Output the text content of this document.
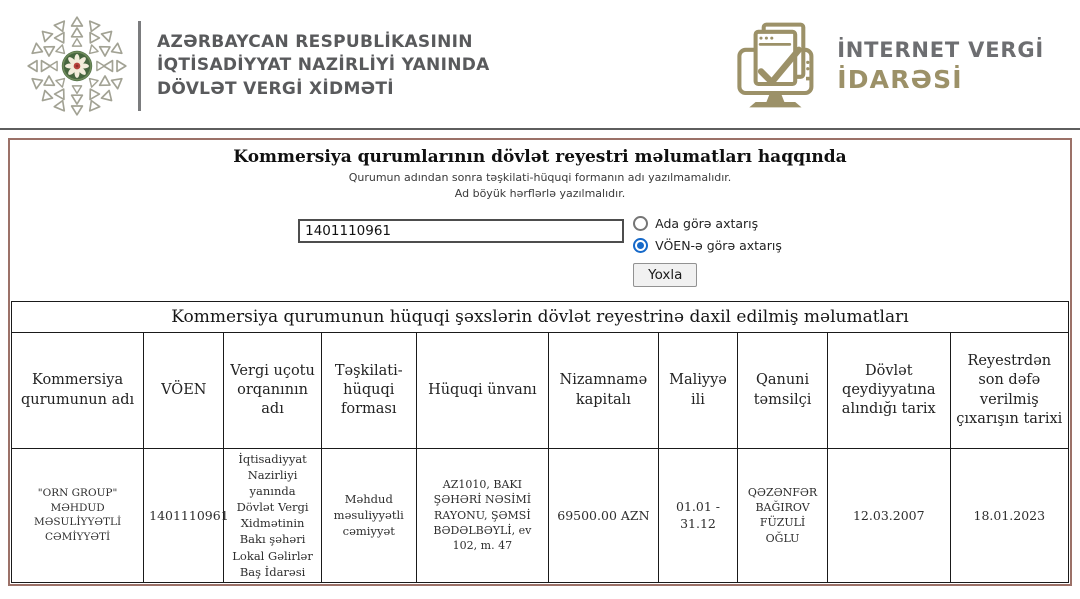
AZƏRBAYCAN RESPUBLİKASININ
İQTİSADİYYAT NAZİRLİYİ YANINDA
DÖVLƏT VERGİ XİDMƏTİ
İNTERNET VERGİ
İDARƏSİ
Kommersiya qurumlarının dövlət reyestri məlumatları haqqında
Qurumun adından sonra təşkilati-hüquqi formanın adı yazılmamalıdır.
Ad böyük hərflərlə yazılmalıdır.
1401110961
Ada görə axtarış
VÖEN-ə görə axtarış
Yoxla
Kommersiya qurumunun hüquqi şəxslərin dövlət reyestrinə daxil edilmiş məlumatları									
Kommersiya qurumunun adı	VÖEN	Vergi uçotu orqanının adı	Təşkilati-hüquqi forması	Hüquqi ünvanı	Nizamnamə kapitalı	Maliyyə ili	Qanuni təmsilçi	Dövlət qeydiyyatına alındığı tarix	Reyestrdən son dəfə verilmiş çıxarışın tarixi
"ORN GROUP" MƏHDUD MƏSULİYYƏTLİ CƏMİYYƏTİ	1401110961	İqtisadiyyat Nazirliyi yanında Dövlət Vergi Xidmətinin Bakı şəhəri Lokal Gəlirlər Baş İdarəsi	Məhdud məsuliyyətli cəmiyyət	AZ1010, BAKI ŞƏHƏRİ NƏSİMİ RAYONU, ŞƏMSİ BƏDƏLBƏYLİ, ev 102, m. 47	69500.00 AZN	01.01 - 31.12	QƏZƏNFƏR BAĞIROV FÜZULİ OĞLU	12.03.2007	18.01.2023
